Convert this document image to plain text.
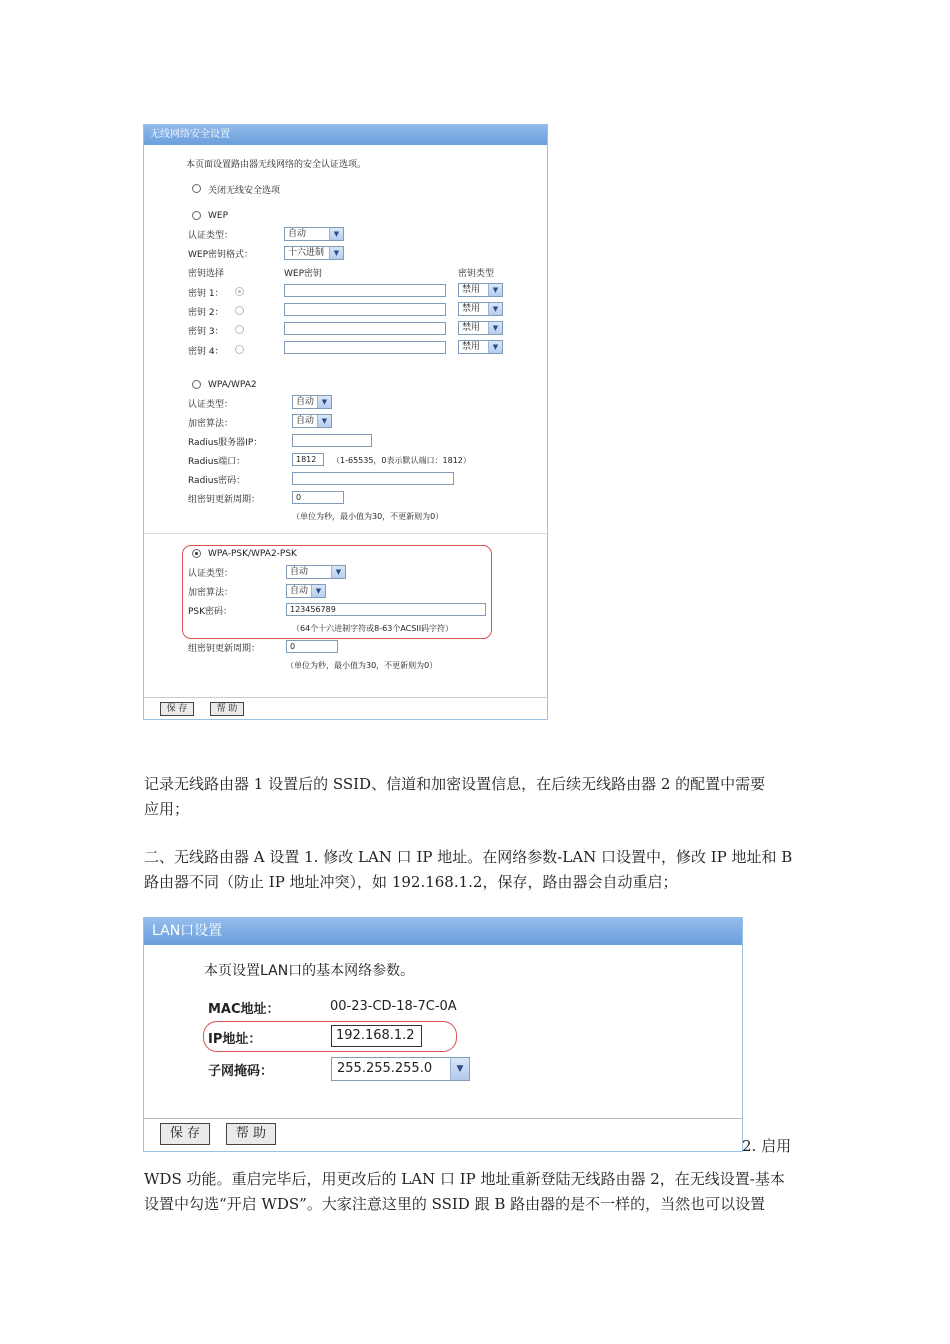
无线网络安全设置
本页面设置路由器无线网络的安全认证选项。
关闭无线安全选项
WEP
认证类型：	自动	▼
WEP密钥格式：	十六进制	▼
密钥选择	WEP密钥	密钥类型
密钥 1：	禁用	▼
密钥 2：	禁用	▼
密钥 3：	禁用	▼
密钥 4：	禁用	▼
WPA/WPA2
认证类型：	自动	▼
加密算法：	自动	▼
Radius服务器IP：
Radius端口：	1812	（1-65535，0表示默认端口：1812）
Radius密码：
组密钥更新周期：	0
（单位为秒，最小值为30，不更新则为0）
WPA-PSK/WPA2-PSK
认证类型：	自动	▼
加密算法：	自动	▼
PSK密码：	123456789
（64个十六进制字符或8-63个ACSII码字符）
组密钥更新周期：	0
（单位为秒，最小值为30，不更新则为0）
保 存	帮 助
记录无线路由器 1 设置后的 SSID、信道和加密设置信息，在后续无线路由器 2 的配置中需要
应用；
二、无线路由器 A 设置 1. 修改 LAN 口 IP 地址。在网络参数-LAN 口设置中，修改 IP 地址和 B
路由器不同（防止 IP 地址冲突），如 192.168.1.2，保存，路由器会自动重启；
LAN口设置
本页设置LAN口的基本网络参数。
MAC地址：	00-23-CD-18-7C-0A
IP地址：	192.168.1.2
子网掩码：	255.255.255.0	▼
保 存	帮 助
2. 启用
WDS 功能。重启完毕后，用更改后的 LAN 口 IP 地址重新登陆无线路由器 2，在无线设置-基本
设置中勾选“开启 WDS”。大家注意这里的 SSID 跟 B 路由器的是不一样的，当然也可以设置
